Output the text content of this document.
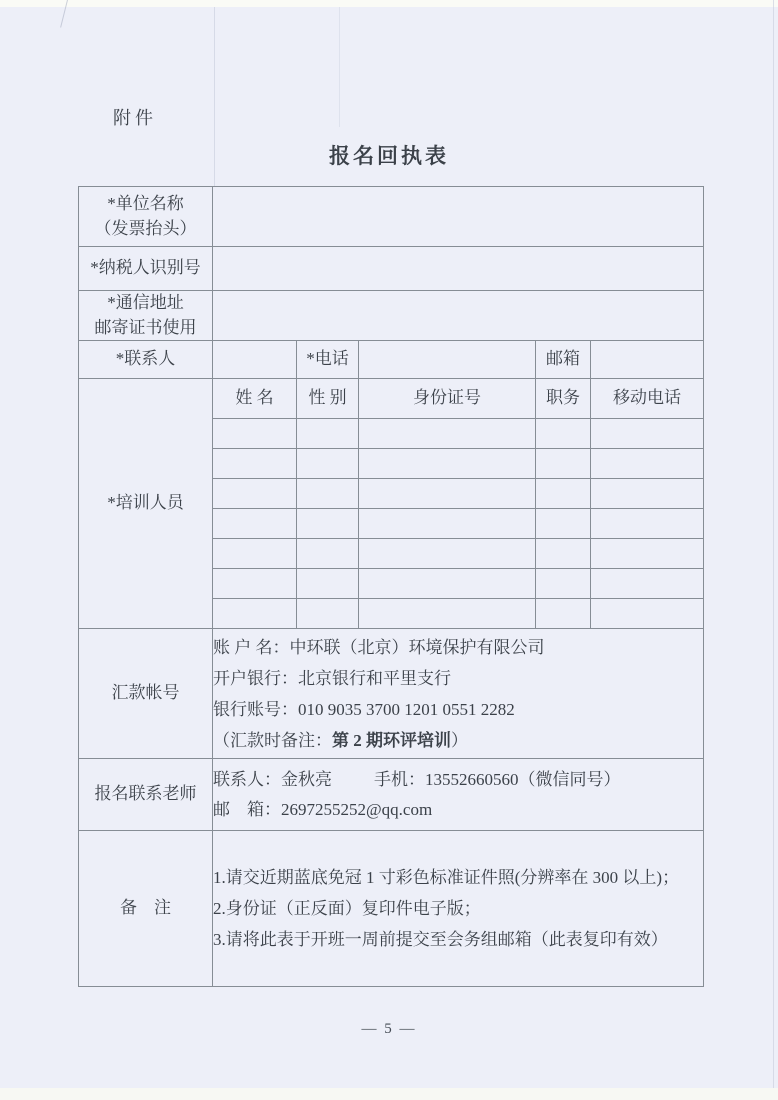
附件
报名回执表
*单位名称
（发票抬头）					

*纳税人识别号					

*通信地址
邮寄证书使用					

*联系人		*电话		邮箱	
*培训人员	姓 名	性 别	身份证号	职务	移动电话

汇款帐号	账 户 名：中环联（北京）环境保护有限公司
开户银行：北京银行和平里支行
银行账号：010 9035 3700 1201 0551 2282
（汇款时备注：第 2 期环评培训）				

报名联系老师	联系人：金秋亮 手机：13552660560（微信同号）
邮　箱：2697255252@qq.com				

备　注	1.请交近期蓝底免冠 1 寸彩色标准证件照(分辨率在 300 以上)；
2.身份证（正反面）复印件电子版；
3.请将此表于开班一周前提交至会务组邮箱（此表复印有效）				
— 5 —
